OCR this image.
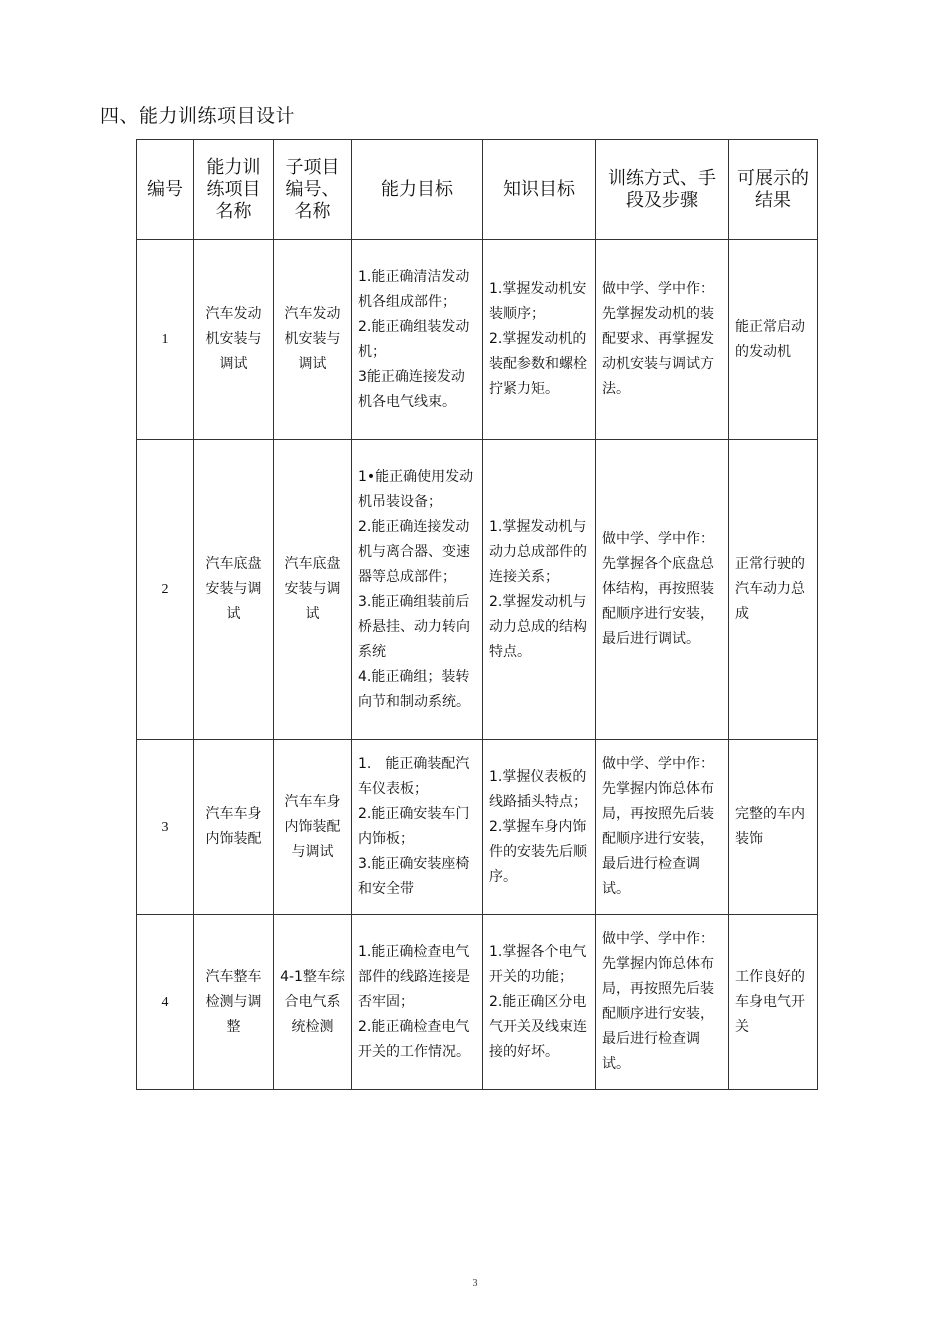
四、能力训练项目设计
编号	能力训练项目名称	子项目编号、名称	能力目标	知识目标	训练方式、手段及步骤	可展示的结果
1	汽车发动机安装与调试	汽车发动机安装与调试	1.能正确清洁发动机各组成部件；
2.能正确组装发动机；
3能正确连接发动机各电气线束。	1.掌握发动机安装顺序；
2.掌握发动机的装配参数和螺栓拧紧力矩。	做中学、学中作：先掌握发动机的装配要求、再掌握发动机安装与调试方法。	能正常启动的发动机
2	汽车底盘安装与调试	汽车底盘安装与调试	1•能正确使用发动机吊装设备；
2.能正确连接发动机与离合器、变速器等总成部件；
3.能正确组装前后桥悬挂、动力转向系统
4.能正确组；装转向节和制动系统。	1.掌握发动机与动力总成部件的连接关系；
2.掌握发动机与动力总成的结构特点。	做中学、学中作：先掌握各个底盘总体结构，再按照装配顺序进行安装，最后进行调试。	正常行驶的汽车动力总成
3	汽车车身内饰装配	汽车车身内饰装配与调试	1.　能正确装配汽车仪表板；
2.能正确安装车门内饰板；
3.能正确安装座椅和安全带	1.掌握仪表板的线路插头特点；
2.掌握车身内饰件的安装先后顺序。	做中学、学中作：先掌握内饰总体布局，再按照先后装配顺序进行安装，最后进行检查调试。	完整的车内装饰
4	汽车整车检测与调整	4-1整车综合电气系统检测	1.能正确检查电气部件的线路连接是否牢固；
2.能正确检查电气开关的工作情况。	1.掌握各个电气开关的功能；
2.能正确区分电气开关及线束连接的好坏。	做中学、学中作：先掌握内饰总体布局，再按照先后装配顺序进行安装，最后进行检查调试。	工作良好的车身电气开关
3
